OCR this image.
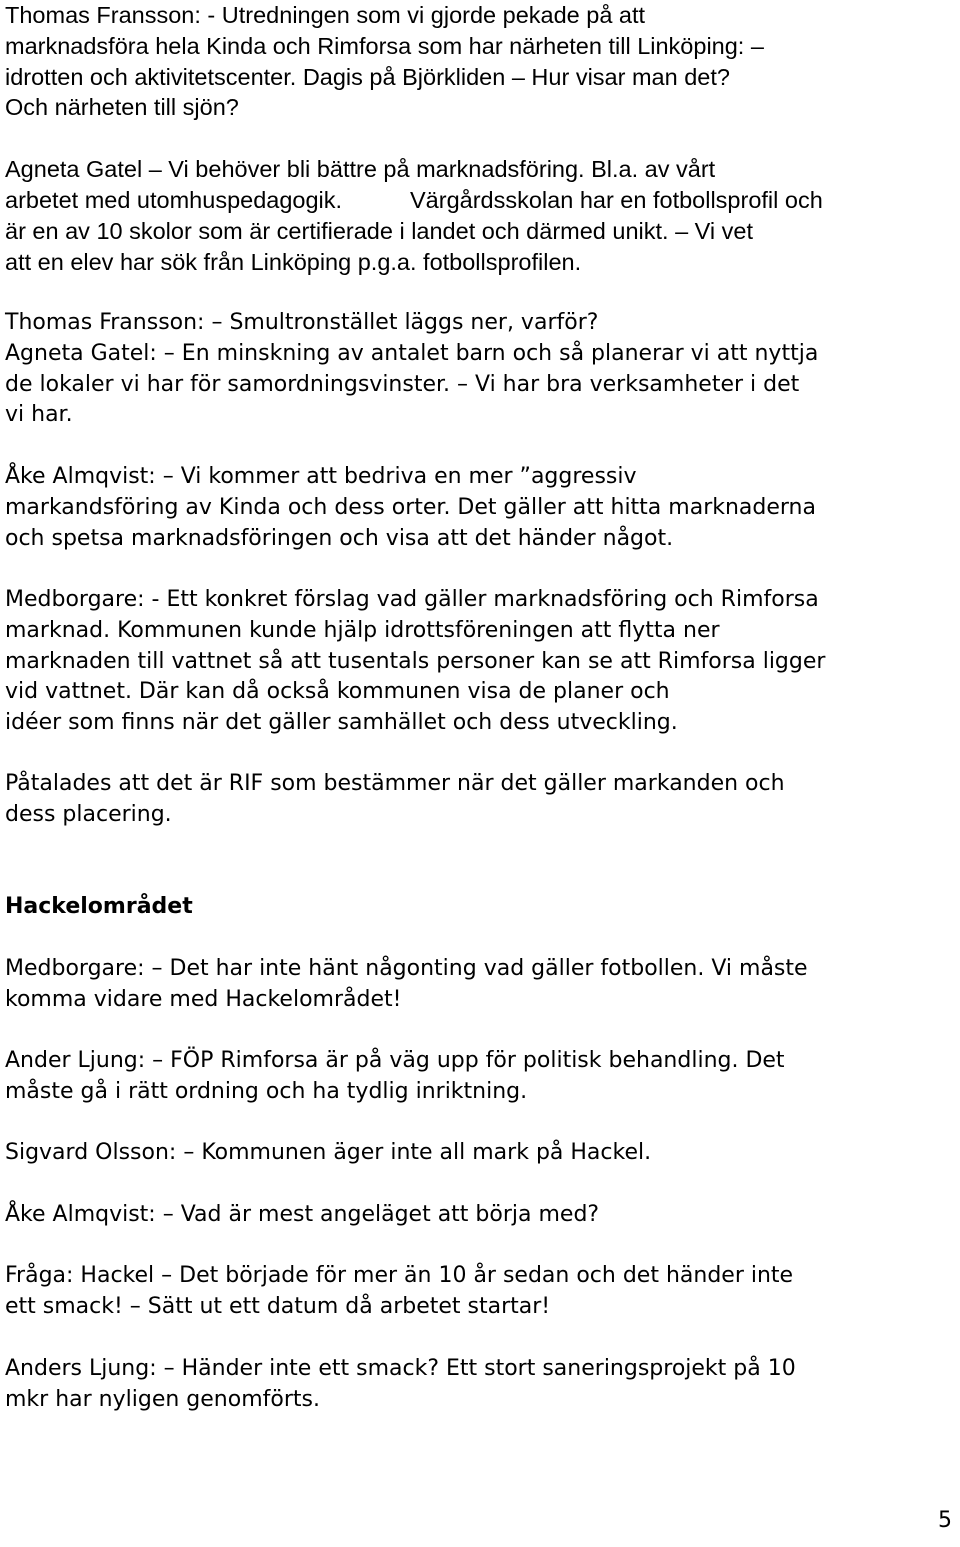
Thomas Fransson: - Utredningen som vi gjorde pekade på att
marknadsföra hela Kinda och Rimforsa som har närheten till Linköping: –
idrotten och aktivitetscenter. Dagis på Björkliden – Hur visar man det?
Och närheten till sjön?

Agneta Gatel – Vi behöver bli bättre på marknadsföring. Bl.a. av vårt
arbetet med utomhuspedagogik.	Värgårdsskolan har en fotbollsprofil och
är en av 10 skolor som är certifierade i landet och därmed unikt. – Vi vet
att en elev har sök från Linköping p.g.a. fotbollsprofilen.

Thomas Fransson: – Smultronstället läggs ner, varför?
Agneta Gatel: – En minskning av antalet barn och så planerar vi att nyttja
de lokaler vi har för samordningsvinster. – Vi har bra verksamheter i det
vi har.

Åke Almqvist: – Vi kommer att bedriva en mer ”aggressiv
markandsföring av Kinda och dess orter. Det gäller att hitta marknaderna
och spetsa marknadsföringen och visa att det händer något.

Medborgare: - Ett konkret förslag vad gäller marknadsföring och Rimforsa
marknad. Kommunen kunde hjälp idrottsföreningen att flytta ner
marknaden till vattnet så att tusentals personer kan se att Rimforsa ligger
vid vattnet. Där kan då också kommunen visa de planer och
idéer som finns när det gäller samhället och dess utveckling.

Påtalades att det är RIF som bestämmer när det gäller markanden och
dess placering.

Hackelområdet

Medborgare: – Det har inte hänt någonting vad gäller fotbollen. Vi måste
komma vidare med Hackelområdet!

Ander Ljung: – FÖP Rimforsa är på väg upp för politisk behandling. Det
måste gå i rätt ordning och ha tydlig inriktning.

Sigvard Olsson: – Kommunen äger inte all mark på Hackel.

Åke Almqvist: – Vad är mest angeläget att börja med?

Fråga: Hackel – Det började för mer än 10 år sedan och det händer inte
ett smack! – Sätt ut ett datum då arbetet startar!

Anders Ljung: – Händer inte ett smack? Ett stort saneringsprojekt på 10
mkr har nyligen genomförts.

5
